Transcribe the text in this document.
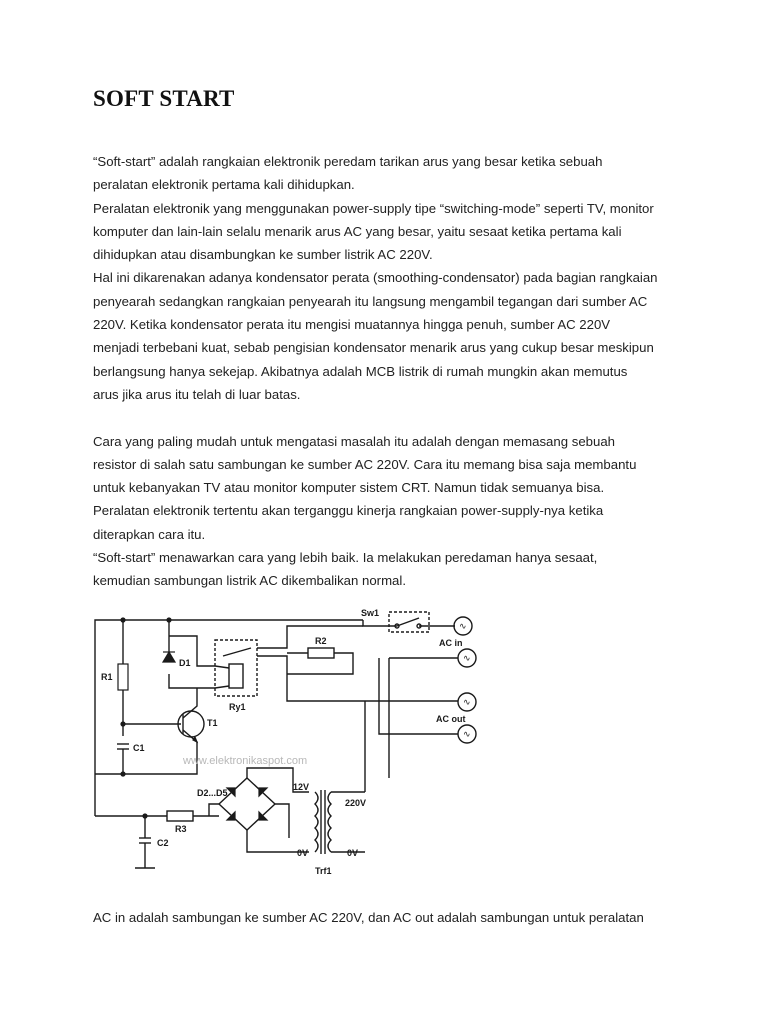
SOFT START
“Soft-start” adalah rangkaian elektronik peredam tarikan arus yang besar ketika sebuah
peralatan elektronik pertama kali dihidupkan.
Peralatan elektronik yang menggunakan power-supply tipe “switching-mode” seperti TV, monitor
komputer dan lain-lain selalu menarik arus AC yang besar, yaitu sesaat ketika pertama kali
dihidupkan atau disambungkan ke sumber listrik AC 220V.
Hal ini dikarenakan adanya kondensator perata (smoothing-condensator) pada bagian rangkaian
penyearah sedangkan rangkaian penyearah itu langsung mengambil tegangan dari sumber AC
220V. Ketika kondensator perata itu mengisi muatannya hingga penuh, sumber AC 220V
menjadi terbebani kuat, sebab pengisian kondensator menarik arus yang cukup besar meskipun
berlangsung hanya sekejap. Akibatnya adalah MCB listrik di rumah mungkin akan memutus
arus jika arus itu telah di luar batas.
Cara yang paling mudah untuk mengatasi masalah itu adalah dengan memasang sebuah
resistor di salah satu sambungan ke sumber AC 220V. Cara itu memang bisa saja membantu
untuk kebanyakan TV atau monitor komputer sistem CRT. Namun tidak semuanya bisa.
Peralatan elektronik tertentu akan terganggu kinerja rangkaian power-supply-nya ketika
diterapkan cara itu.
“Soft-start” menawarkan cara yang lebih baik. Ia melakukan peredaman hanya sesaat,
kemudian sambungan listrik AC dikembalikan normal.
Sw1
R2	AC in
AC out
R1
D1
Ry1
T1
C1
D2...D5
R3
C2
12V
220V
0V	0V
Trf1
∿
∿
∿
∿
www.elektronikaspot.com
AC in adalah sambungan ke sumber AC 220V, dan AC out adalah sambungan untuk peralatan
